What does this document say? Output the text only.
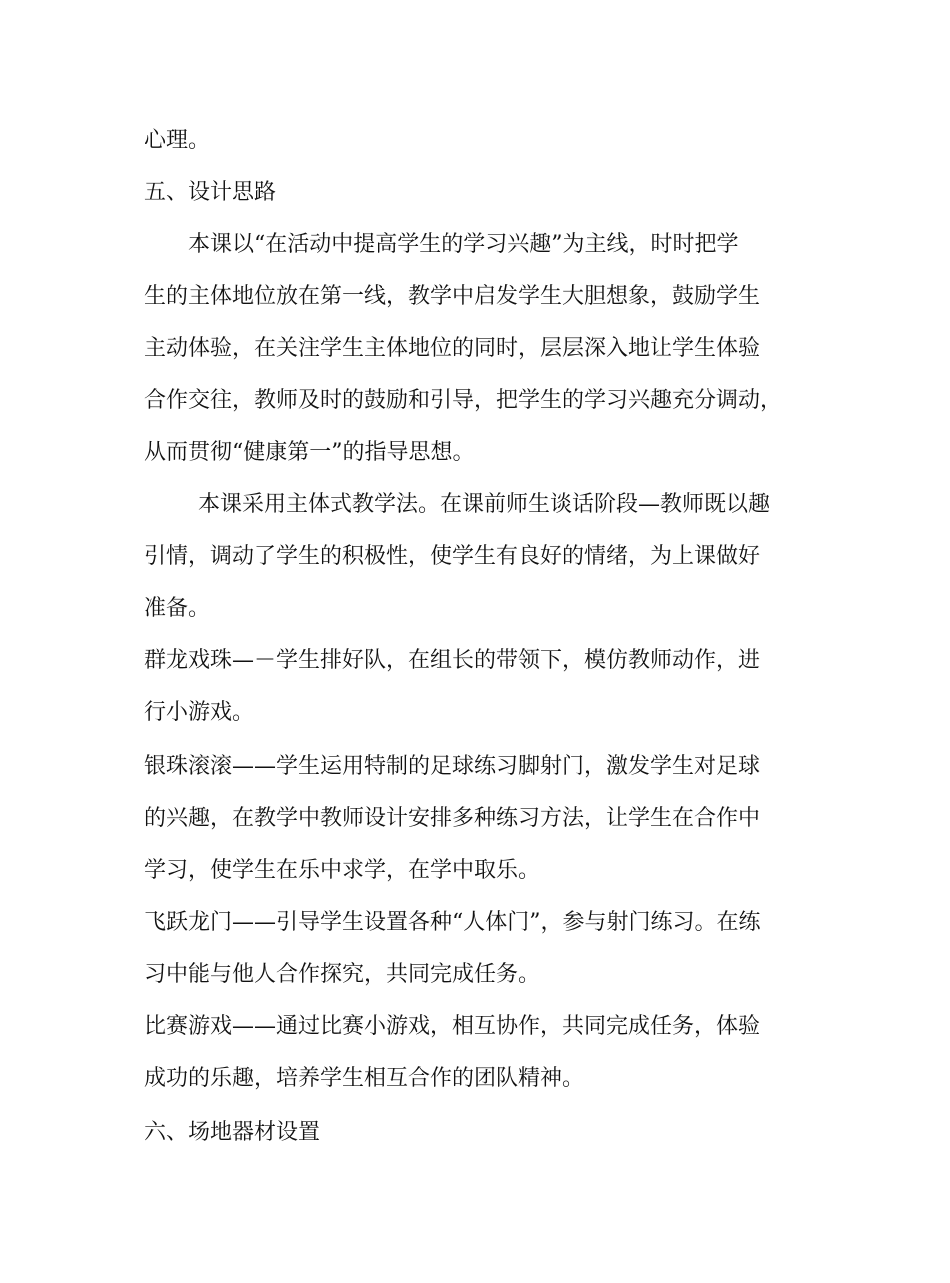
心理。
五、设计思路
本课以“在活动中提高学生的学习兴趣”为主线，时时把学
生的主体地位放在第一线，教学中启发学生大胆想象，鼓励学生
主动体验，在关注学生主体地位的同时，层层深入地让学生体验
合作交往，教师及时的鼓励和引导，把学生的学习兴趣充分调动，
从而贯彻“健康第一”的指导思想。
本课采用主体式教学法。在课前师生谈话阶段—教师既以趣
引情，调动了学生的积极性，使学生有良好的情绪，为上课做好
准备。
群龙戏珠—－学生排好队，在组长的带领下，模仿教师动作，进
行小游戏。
银珠滚滚——学生运用特制的足球练习脚射门，激发学生对足球
的兴趣，在教学中教师设计安排多种练习方法，让学生在合作中
学习，使学生在乐中求学，在学中取乐。
飞跃龙门——引导学生设置各种“人体门”，参与射门练习。在练
习中能与他人合作探究，共同完成任务。
比赛游戏——通过比赛小游戏，相互协作，共同完成任务，体验
成功的乐趣，培养学生相互合作的团队精神。
六、场地器材设置
